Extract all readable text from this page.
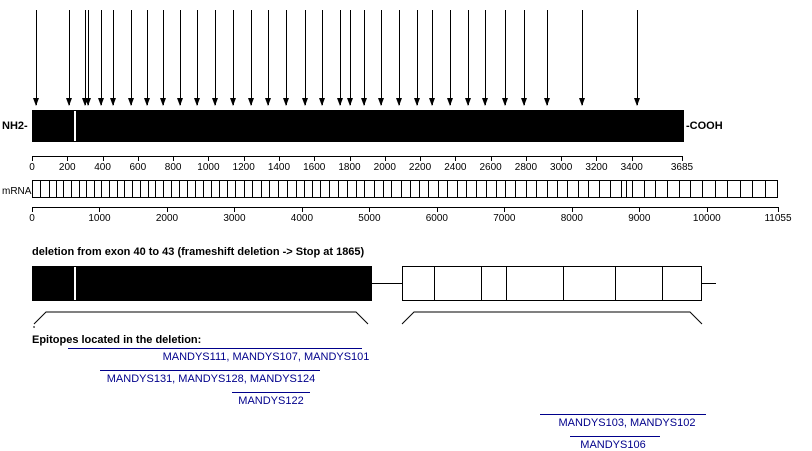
NH2-	-COOH
0	200	400	600	800	1000	1200	1400	1600	1800	2000	2200	2400	2600	2800	3000	3200	3400	3685
mRNA
0	1000	2000	3000	4000	5000	6000	7000	8000	9000	10000	11055
deletion from exon 40 to 43 (frameshift deletion -> Stop at 1865)
Epitopes located in the deletion:
MANDYS111, MANDYS107, MANDYS101
MANDYS131, MANDYS128, MANDYS124
MANDYS122
MANDYS103, MANDYS102
MANDYS106
